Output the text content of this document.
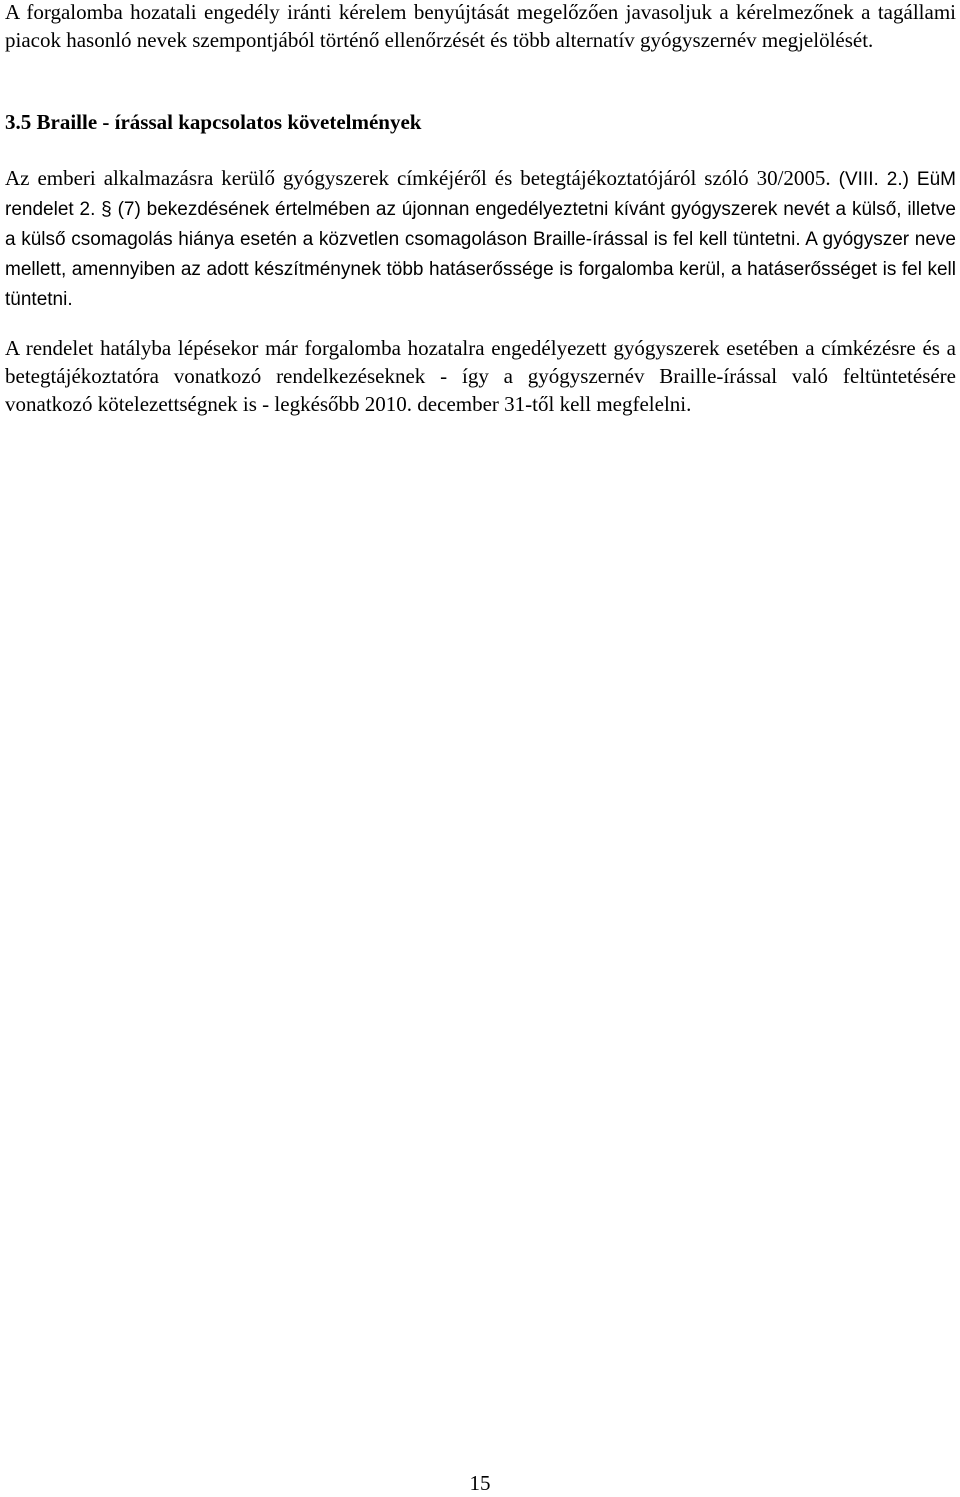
A forgalomba hozatali engedély iránti kérelem benyújtását megelőzően javasoljuk a kérelmezőnek a tagállami piacok hasonló nevek szempontjából történő ellenőrzését és több alternatív gyógyszernév megjelölését.

3.5 Braille - írással kapcsolatos követelmények

Az emberi alkalmazásra kerülő gyógyszerek címkéjéről és betegtájékoztatójáról szóló 30/2005. (VIII. 2.) EüM rendelet 2. § (7) bekezdésének értelmében az újonnan engedélyeztetni kívánt gyógyszerek nevét a külső, illetve a külső csomagolás hiánya esetén a közvetlen csomagoláson Braille-írással is fel kell tüntetni. A gyógyszer neve mellett, amennyiben az adott készítménynek több hatáserőssége is forgalomba kerül, a hatáserősséget is fel kell tüntetni.

A rendelet hatályba lépésekor már forgalomba hozatalra engedélyezett gyógyszerek esetében a címkézésre és a betegtájékoztatóra vonatkozó rendelkezéseknek - így a gyógyszernév Braille-írással való feltüntetésére vonatkozó kötelezettségnek is - legkésőbb 2010. december 31-től kell megfelelni.

15
